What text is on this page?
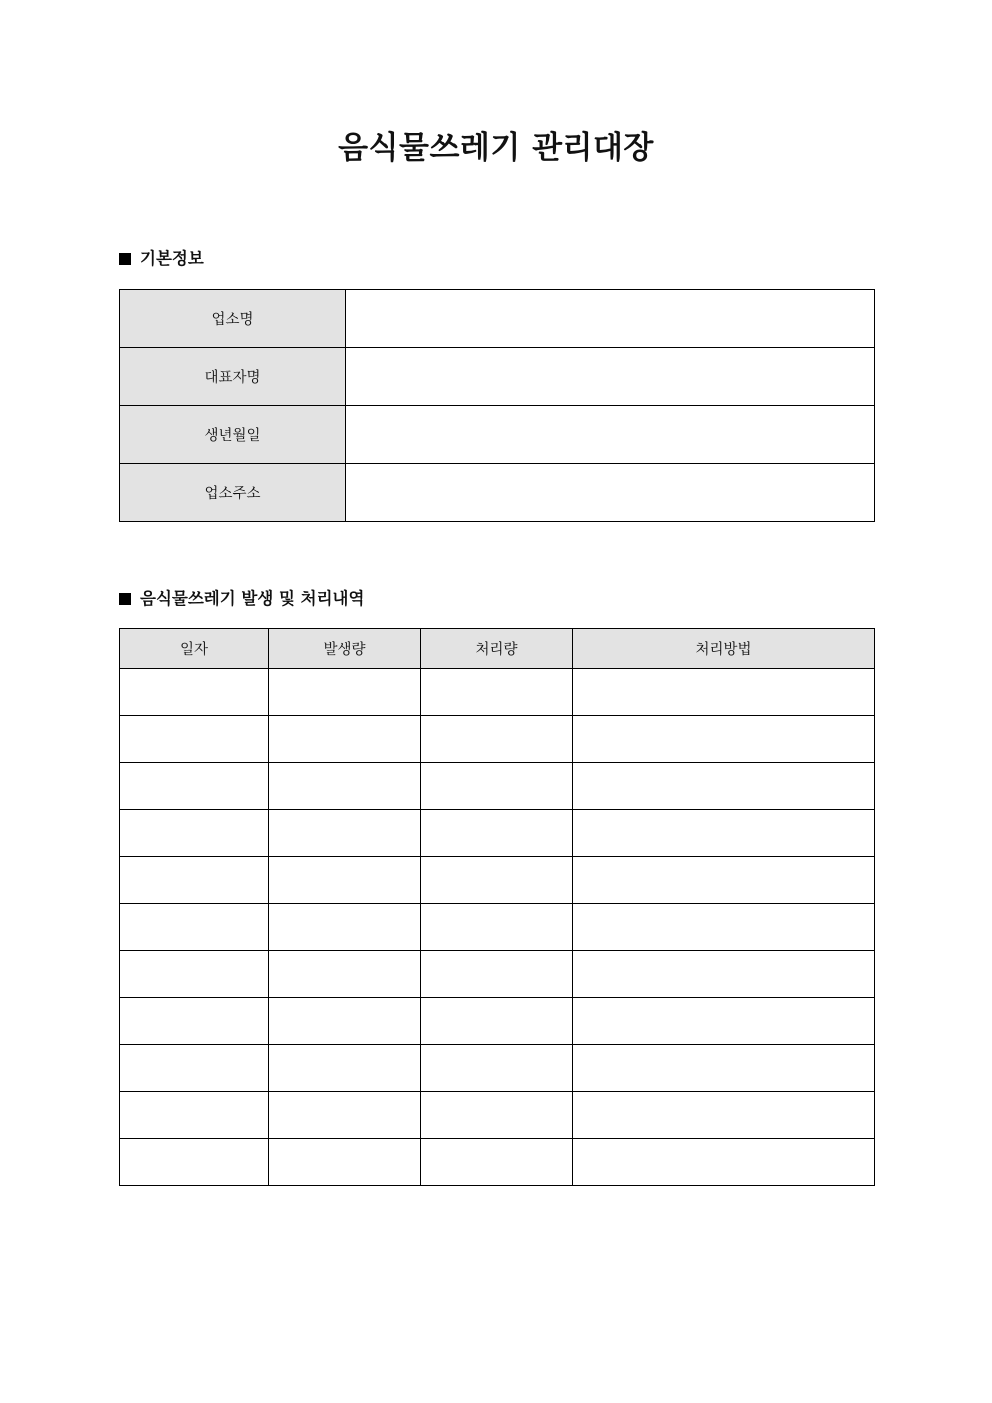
음식물쓰레기 관리대장
기본정보
업소명	
대표자명	
생년월일	
업소주소	
음식물쓰레기 발생 및 처리내역
일자	발생량	처리량	처리방법
